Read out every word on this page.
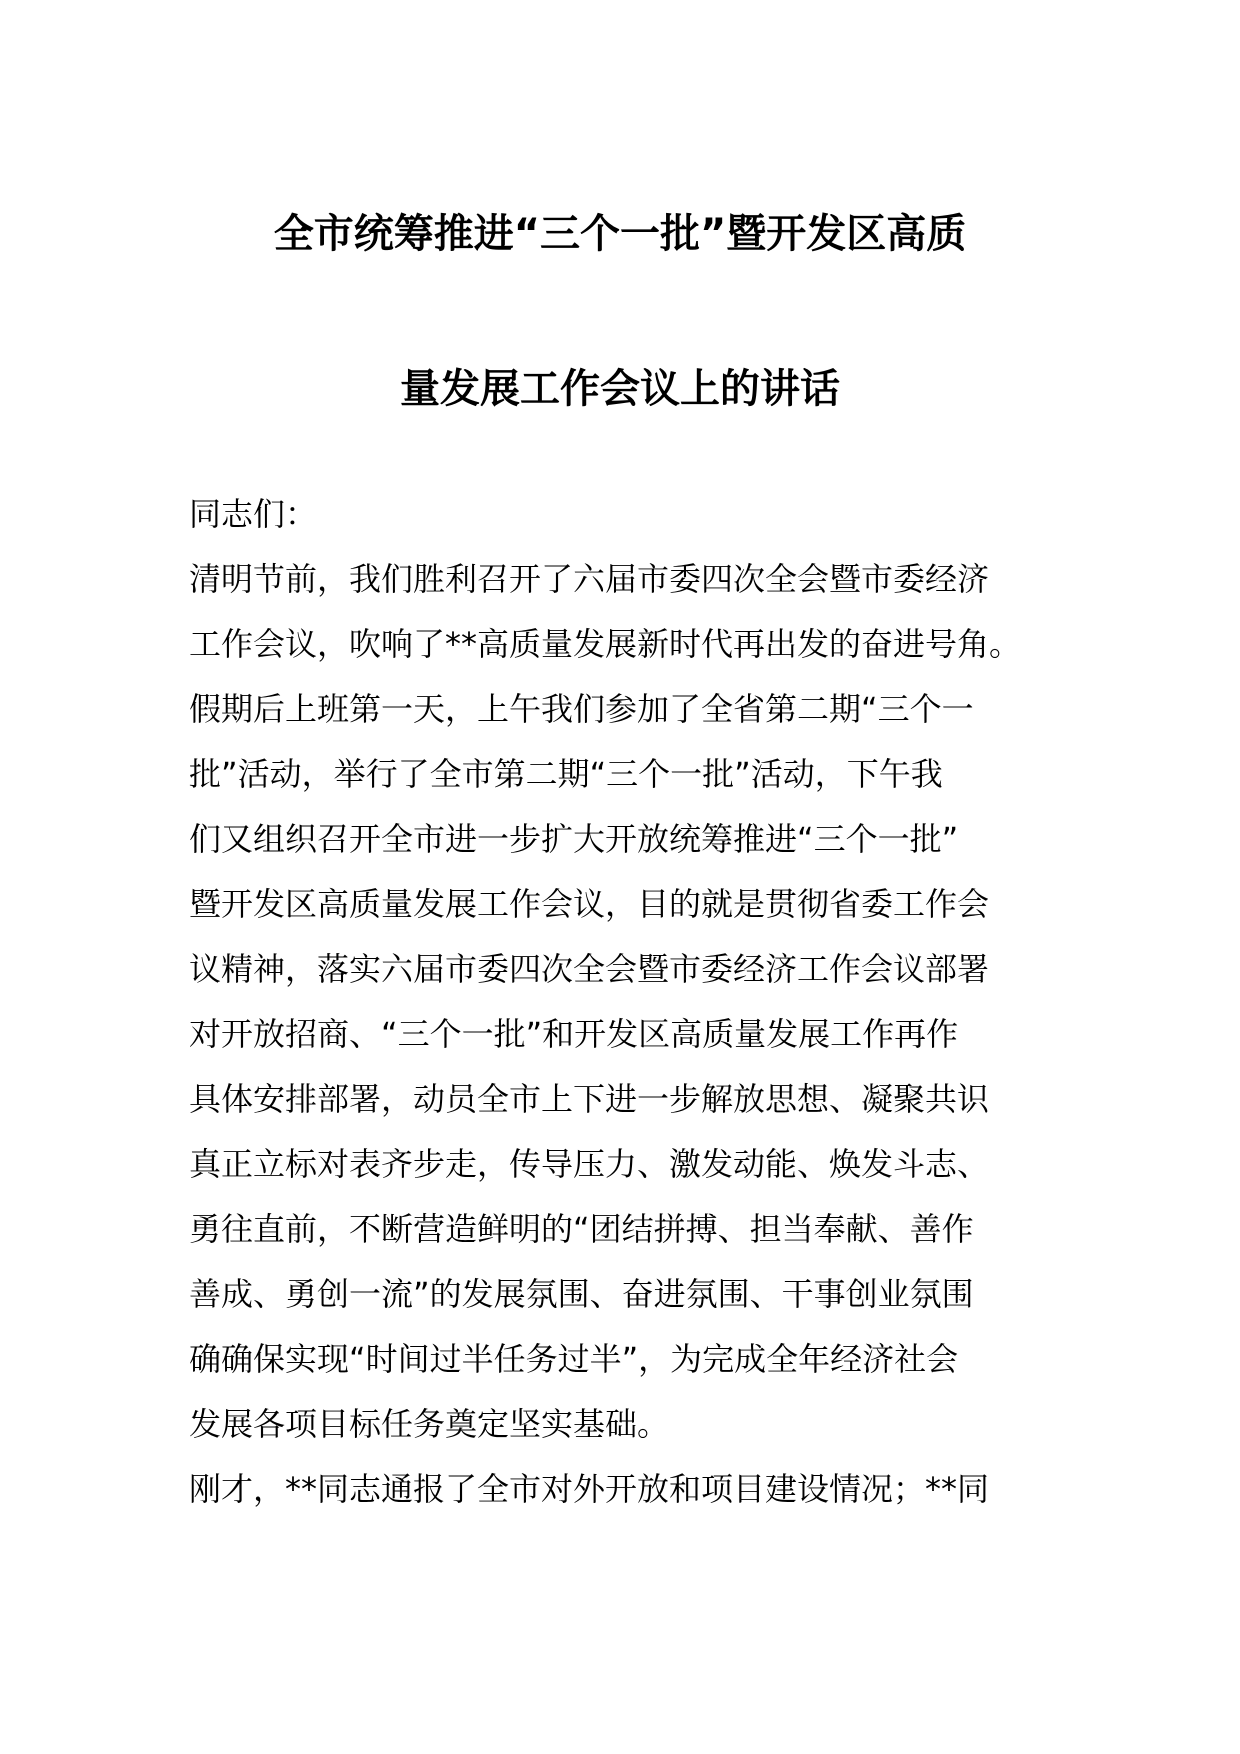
全市统筹推进“三个一批”暨开发区高质
量发展工作会议上的讲话
同志们：
清明节前，我们胜利召开了六届市委四次全会暨市委经济
工作会议，吹响了**高质量发展新时代再出发的奋进号角。
假期后上班第一天，上午我们参加了全省第二期“三个一
批”活动，举行了全市第二期“三个一批”活动，下午我
们又组织召开全市进一步扩大开放统筹推进“三个一批”
暨开发区高质量发展工作会议，目的就是贯彻省委工作会
议精神，落实六届市委四次全会暨市委经济工作会议部署
对开放招商、“三个一批”和开发区高质量发展工作再作
具体安排部署，动员全市上下进一步解放思想、凝聚共识
真正立标对表齐步走，传导压力、激发动能、焕发斗志、
勇往直前，不断营造鲜明的“团结拼搏、担当奉献、善作
善成、勇创一流”的发展氛围、奋进氛围、干事创业氛围
确确保实现“时间过半任务过半”，为完成全年经济社会
发展各项目标任务奠定坚实基础。
刚才，**同志通报了全市对外开放和项目建设情况；**同
